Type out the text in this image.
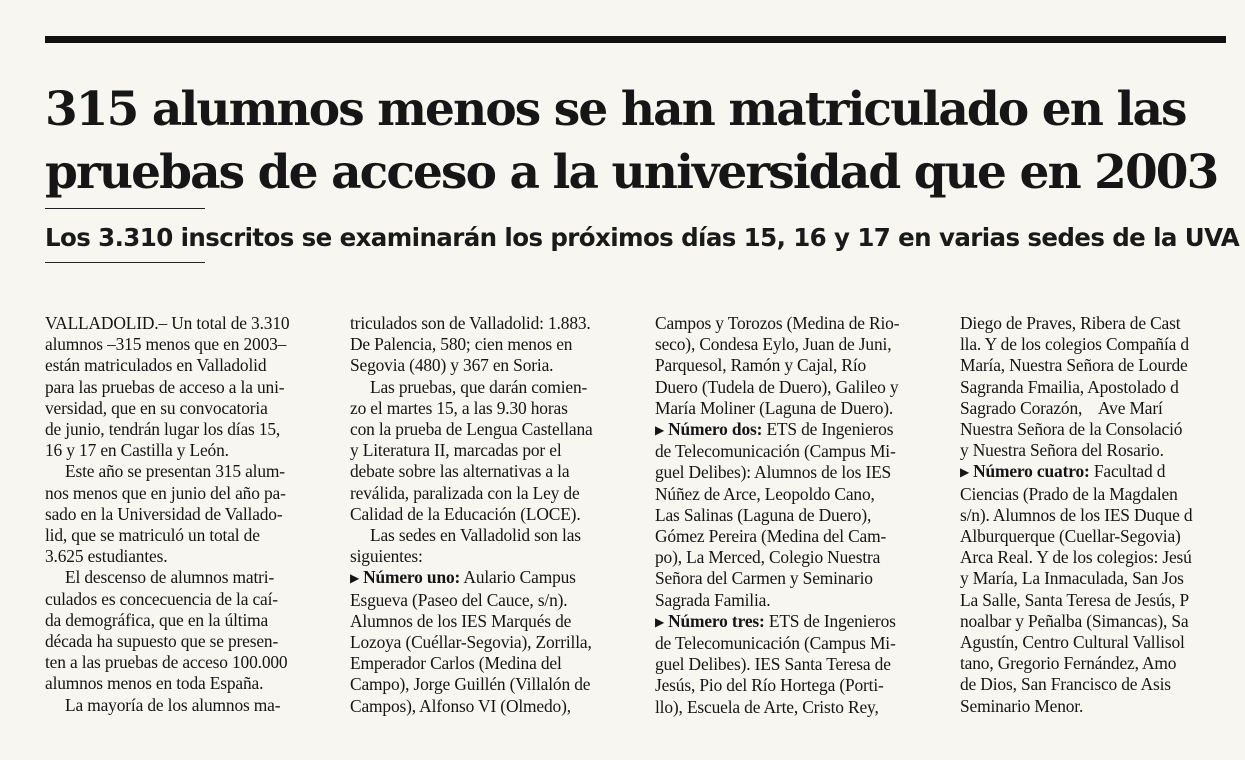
315 alumnos menos se han matriculado en las
pruebas de acceso a la universidad que en 2003
Los 3.310 inscritos se examinarán los próximos días 15, 16 y 17 en varias sedes de la UVA

VALLADOLID.– Un total de 3.310

alumnos –315 menos que en 2003–

están matriculados en Valladolid

para las pruebas de acceso a la uni-

versidad, que en su convocatoria

de junio, tendrán lugar los días 15,

16 y 17 en Castilla y León.

Este año se presentan 315 alum-

nos menos que en junio del año pa-

sado en la Universidad de Vallado-

lid, que se matriculó un total de

3.625 estudiantes.

El descenso de alumnos matri-

culados es concecuencia de la caí-

da demográfica, que en la última

década ha supuesto que se presen-

ten a las pruebas de acceso 100.000

alumnos menos en toda España.

La mayoría de los alumnos ma-

triculados son de Valladolid: 1.883.

De Palencia, 580; cien menos en

Segovia (480) y 367 en Soria.

Las pruebas, que darán comien-

zo el martes 15, a las 9.30 horas

con la prueba de Lengua Castellana

y Literatura II, marcadas por el

debate sobre las alternativas a la

reválida, paralizada con la Ley de

Calidad de la Educación (LOCE).

Las sedes en Valladolid son las

siguientes:

▶ Número uno: Aulario Campus

Esgueva (Paseo del Cauce, s/n).

Alumnos de los IES Marqués de

Lozoya (Cuéllar-Segovia), Zorrilla,

Emperador Carlos (Medina del

Campo), Jorge Guillén (Villalón de

Campos), Alfonso VI (Olmedo),

Campos y Torozos (Medina de Rio-

seco), Condesa Eylo, Juan de Juni,

Parquesol, Ramón y Cajal, Río

Duero (Tudela de Duero), Galileo y

María Moliner (Laguna de Duero).

▶ Número dos: ETS de Ingenieros

de Telecomunicación (Campus Mi-

guel Delibes): Alumnos de los IES

Núñez de Arce, Leopoldo Cano,

Las Salinas (Laguna de Duero),

Gómez Pereira (Medina del Cam-

po), La Merced, Colegio Nuestra

Señora del Carmen y Seminario

Sagrada Familia.

▶ Número tres: ETS de Ingenieros

de Telecomunicación (Campus Mi-

guel Delibes). IES Santa Teresa de

Jesús, Pio del Río Hortega (Porti-

llo), Escuela de Arte, Cristo Rey,

Diego de Praves, Ribera de Cast

lla. Y de los colegios Compañía d

María, Nuestra Señora de Lourde

Sagranda Fmailia, Apostolado d

Sagrado Corazón,    Ave Marí

Nuestra Señora de la Consolació

y Nuestra Señora del Rosario.

▶ Número cuatro: Facultad d

Ciencias (Prado de la Magdalen

s/n). Alumnos de los IES Duque d

Alburquerque (Cuellar-Segovia)

Arca Real. Y de los colegios: Jesú

y María, La Inmaculada, San Jos

La Salle, Santa Teresa de Jesús, P

noalbar y Peñalba (Simancas), Sa

Agustín, Centro Cultural Vallisol

tano, Gregorio Fernández, Amo

de Dios, San Francisco de Asis

Seminario Menor.
